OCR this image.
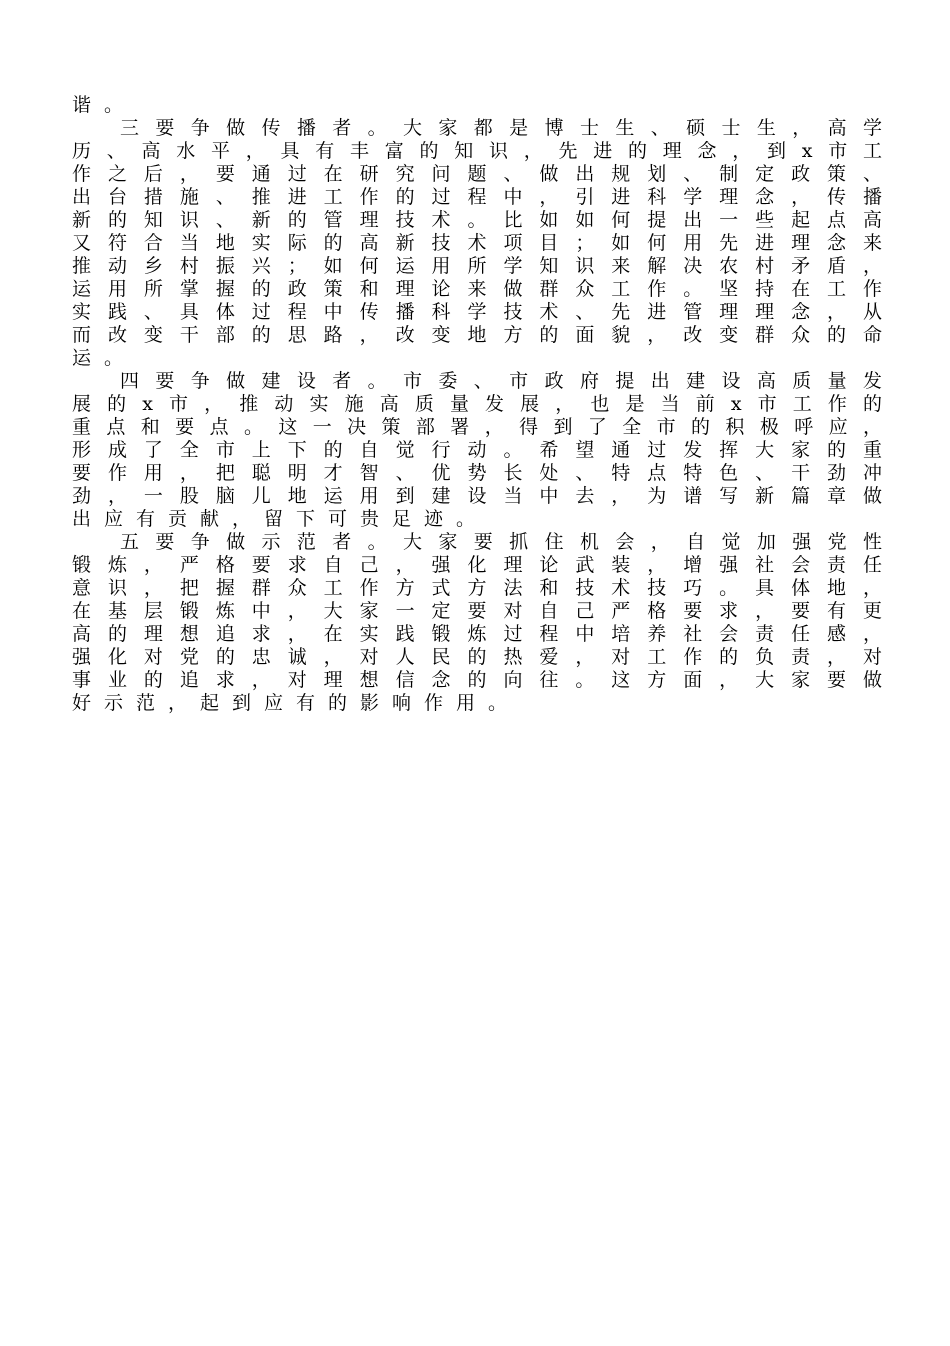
谐。
三要争做传播者。大家都是博士生、硕士生，高学
历、高水平，具有丰富的知识，先进的理念，到x市工
作之后，要通过在研究问题、做出规划、制定政策、
出台措施、推进工作的过程中，引进科学理念，传播
新的知识、新的管理技术。比如如何提出一些起点高
又符合当地实际的高新技术项目；如何用先进理念来
推动乡村振兴；如何运用所学知识来解决农村矛盾，
运用所掌握的政策和理论来做群众工作。坚持在工作
实践、具体过程中传播科学技术、先进管理理念，从
而改变干部的思路，改变地方的面貌，改变群众的命
运。
四要争做建设者。市委、市政府提出建设高质量发
展的x市，推动实施高质量发展，也是当前x市工作的
重点和要点。这一决策部署，得到了全市的积极呼应，
形成了全市上下的自觉行动。希望通过发挥大家的重
要作用，把聪明才智、优势长处、特点特色、干劲冲
劲，一股脑儿地运用到建设当中去，为谱写新篇章做
出应有贡献，留下可贵足迹。
五要争做示范者。大家要抓住机会，自觉加强党性
锻炼，严格要求自己，强化理论武装，增强社会责任
意识，把握群众工作方式方法和技术技巧。具体地，
在基层锻炼中，大家一定要对自己严格要求，要有更
高的理想追求，在实践锻炼过程中培养社会责任感，
强化对党的忠诚，对人民的热爱，对工作的负责，对
事业的追求，对理想信念的向往。这方面，大家要做
好示范，起到应有的影响作用。
